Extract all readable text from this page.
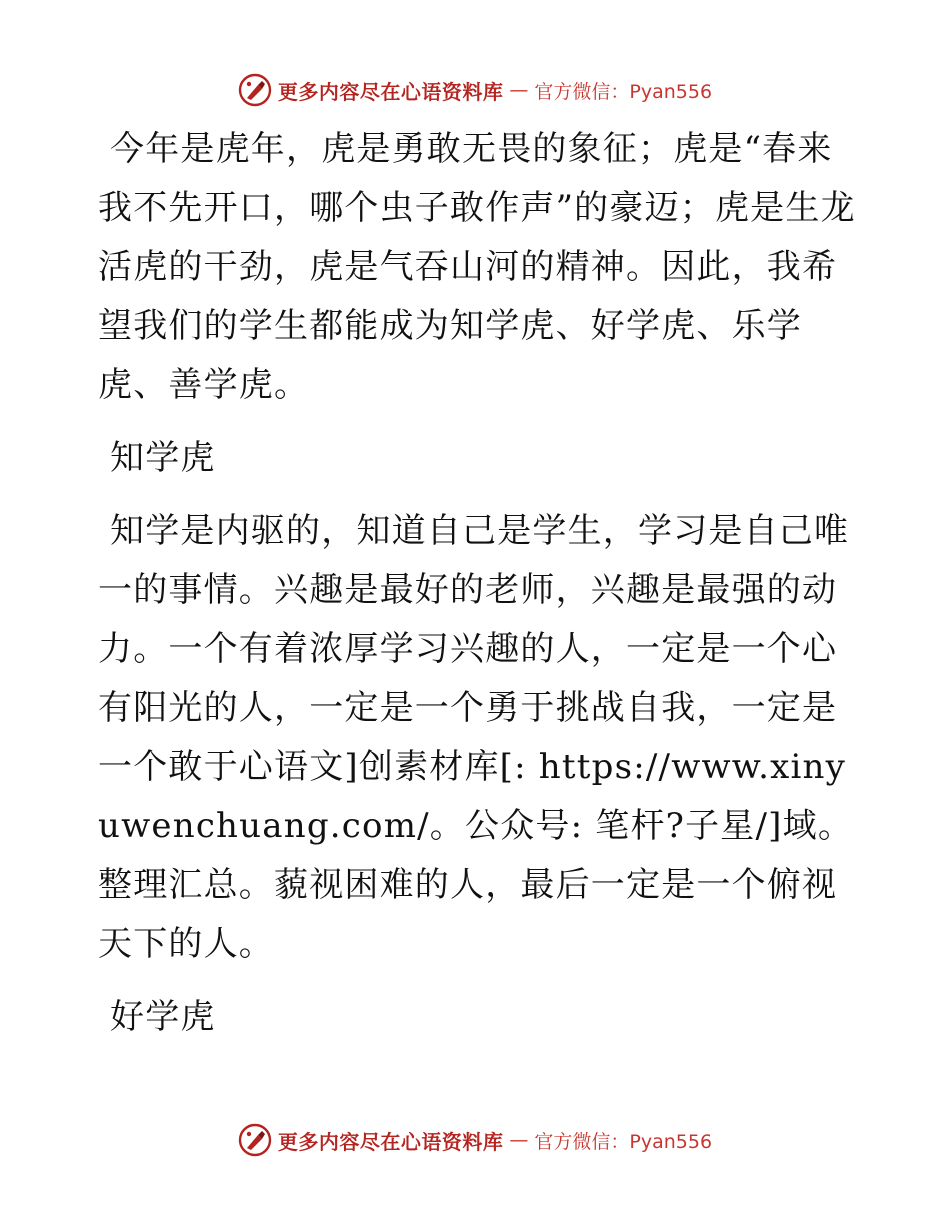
更多内容尽在心语资料库 — 官方微信：Pyan556

今年是虎年，虎是勇敢无畏的象征；虎是“春来我不先开口，哪个虫子敢作声”的豪迈；虎是生龙活虎的干劲，虎是气吞山河的精神。因此，我希望我们的学生都能成为知学虎、好学虎、乐学虎、善学虎。

知学虎

知学是内驱的，知道自己是学生，学习是自己唯一的事情。兴趣是最好的老师，兴趣是最强的动力。一个有着浓厚学习兴趣的人，一定是一个心有阳光的人，一定是一个勇于挑战自我，一定是一个敢于心语文]创素材库[: https://www.xinyuwenchuang.com/。公众号: 笔杆?子星/]域。整理汇总。藐视困难的人，最后一定是一个俯视天下的人。

好学虎

更多内容尽在心语资料库 — 官方微信：Pyan556
